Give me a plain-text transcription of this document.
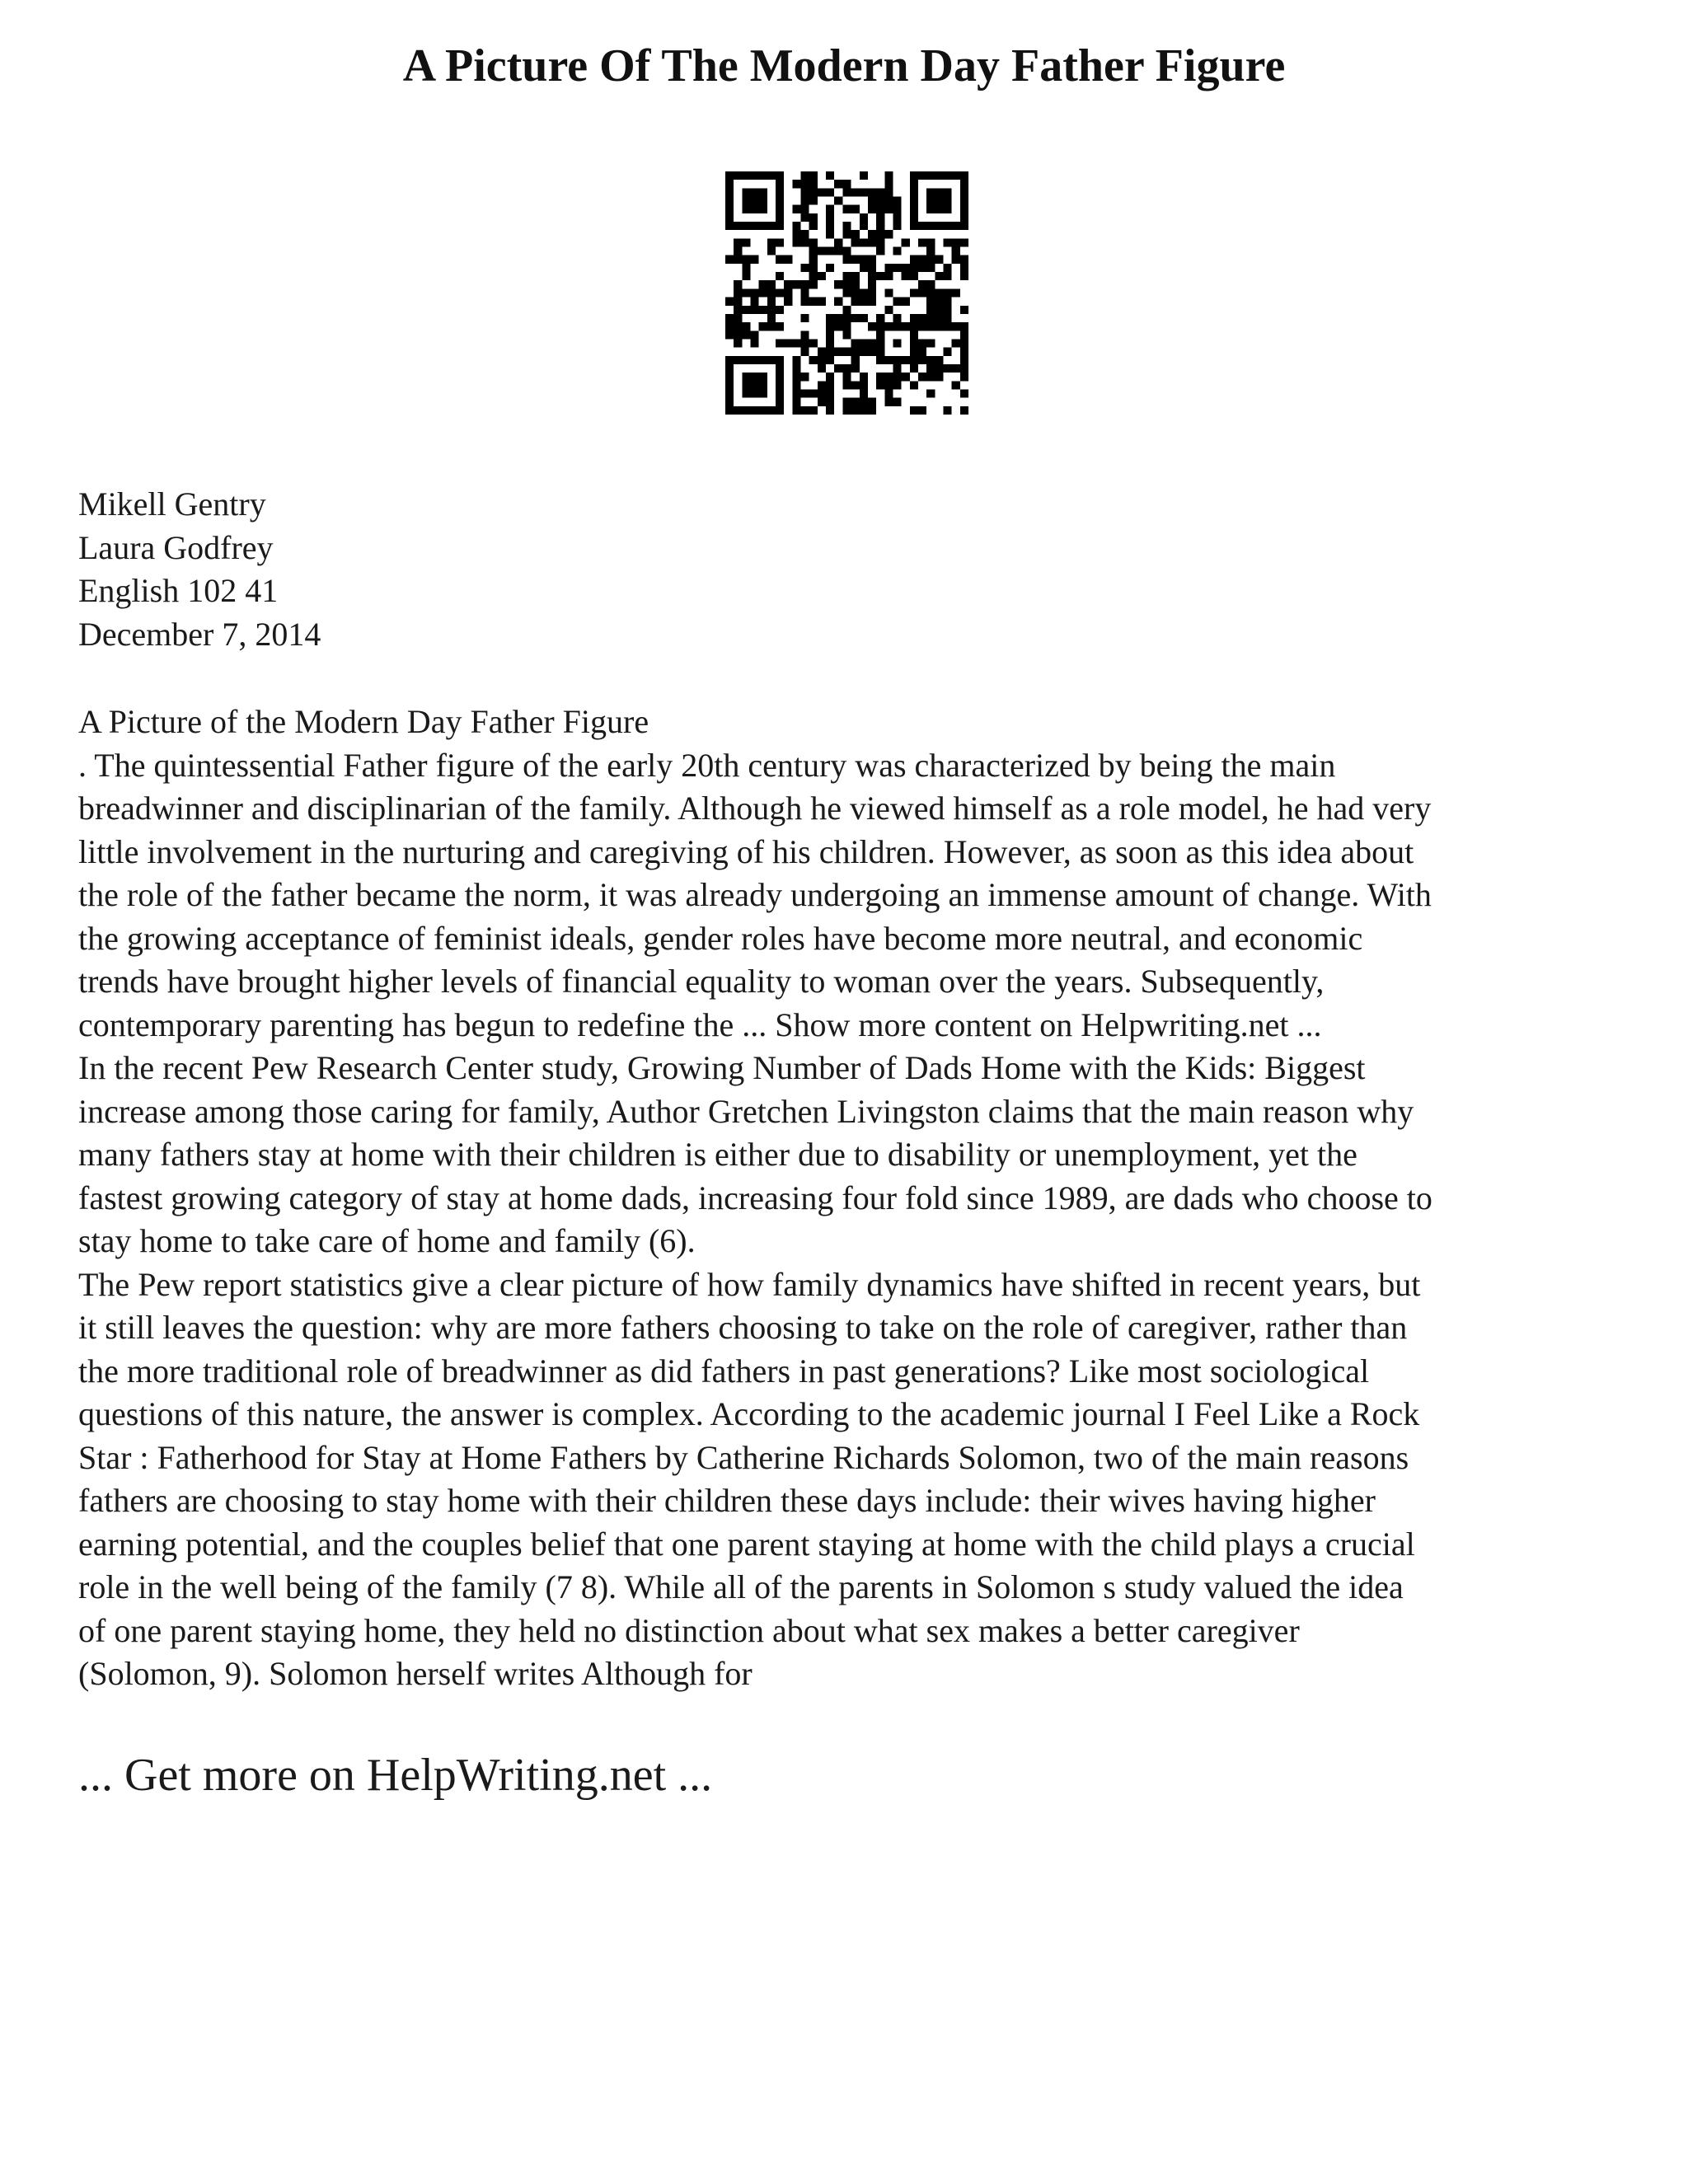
A Picture Of The Modern Day Father Figure
Mikell Gentry
Laura Godfrey
English 102 41
December 7, 2014
A Picture of the Modern Day Father Figure
. The quintessential Father figure of the early 20th century was characterized by being the main
breadwinner and disciplinarian of the family. Although he viewed himself as a role model, he had very
little involvement in the nurturing and caregiving of his children. However, as soon as this idea about
the role of the father became the norm, it was already undergoing an immense amount of change. With
the growing acceptance of feminist ideals, gender roles have become more neutral, and economic
trends have brought higher levels of financial equality to woman over the years. Subsequently,
contemporary parenting has begun to redefine the ... Show more content on Helpwriting.net ...
In the recent Pew Research Center study, Growing Number of Dads Home with the Kids: Biggest
increase among those caring for family, Author Gretchen Livingston claims that the main reason why
many fathers stay at home with their children is either due to disability or unemployment, yet the
fastest growing category of stay at home dads, increasing four fold since 1989, are dads who choose to
stay home to take care of home and family (6).
The Pew report statistics give a clear picture of how family dynamics have shifted in recent years, but
it still leaves the question: why are more fathers choosing to take on the role of caregiver, rather than
the more traditional role of breadwinner as did fathers in past generations? Like most sociological
questions of this nature, the answer is complex. According to the academic journal I Feel Like a Rock
Star : Fatherhood for Stay at Home Fathers by Catherine Richards Solomon, two of the main reasons
fathers are choosing to stay home with their children these days include: their wives having higher
earning potential, and the couples belief that one parent staying at home with the child plays a crucial
role in the well being of the family (7 8). While all of the parents in Solomon s study valued the idea
of one parent staying home, they held no distinction about what sex makes a better caregiver
(Solomon, 9). Solomon herself writes Although for
... Get more on HelpWriting.net ...
